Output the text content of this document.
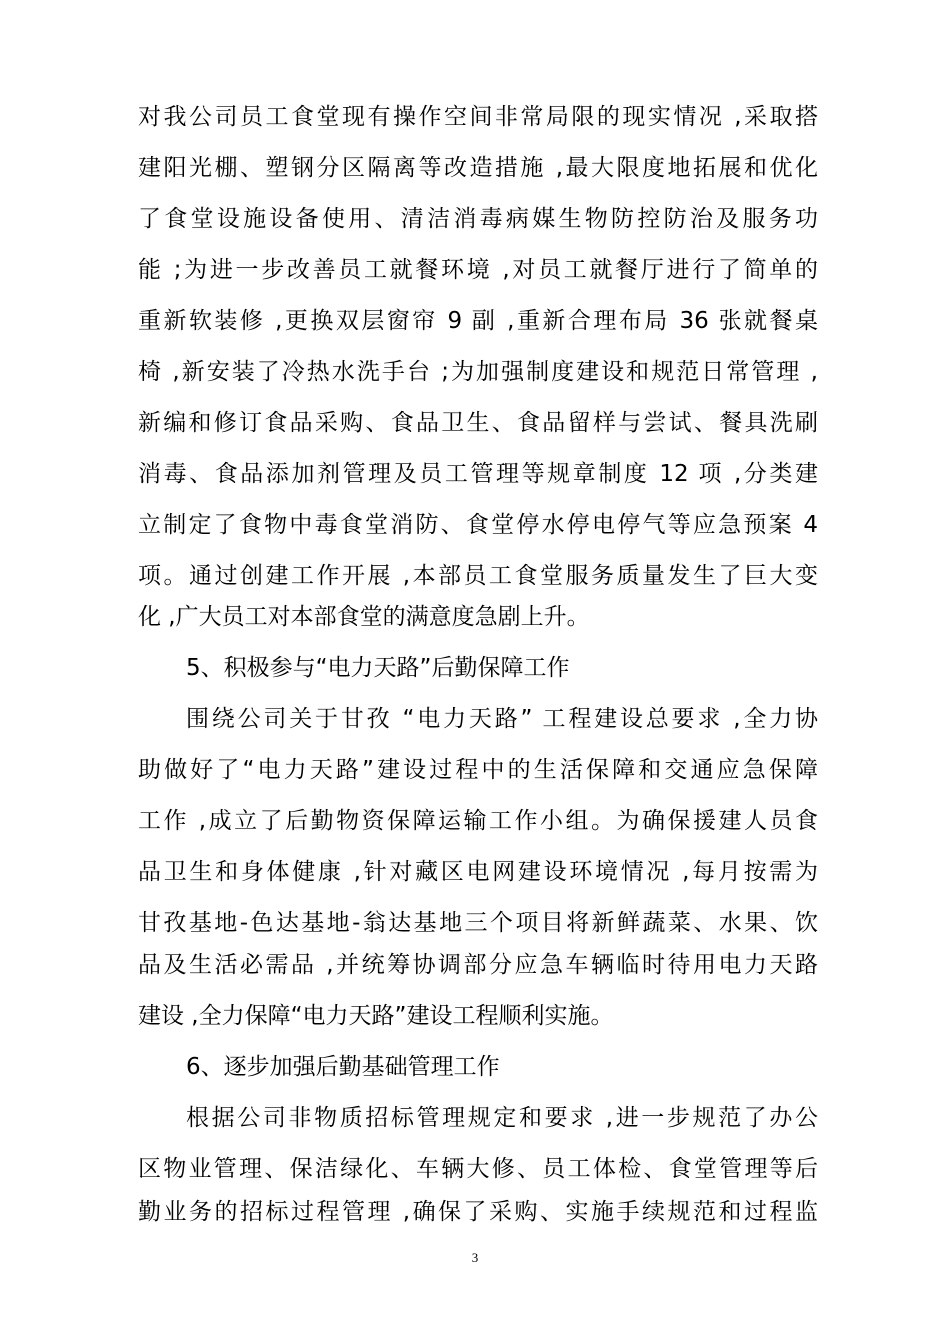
对我公司员工食堂现有操作空间非常局限的现实情况 ,采取搭
建阳光棚、塑钢分区隔离等改造措施 ,最大限度地拓展和优化
了食堂设施设备使用、清洁消毒病媒生物防控防治及服务功
能 ;为进一步改善员工就餐环境 ,对员工就餐厅进行了简单的
重新软装修 ,更换双层窗帘 9 副 ,重新合理布局 36 张就餐桌
椅 ,新安装了冷热水洗手台 ;为加强制度建设和规范日常管理 ,
新编和修订食品采购、食品卫生、食品留样与尝试、餐具洗刷
消毒、食品添加剂管理及员工管理等规章制度 12 项 ,分类建
立制定了食物中毒食堂消防、食堂停水停电停气等应急预案 4
项。通过创建工作开展 ,本部员工食堂服务质量发生了巨大变
化 ,广大员工对本部食堂的满意度急剧上升。
5、积极参与“电力天路”后勤保障工作
围绕公司关于甘孜 “电力天路” 工程建设总要求 ,全力协
助做好了“电力天路”建设过程中的生活保障和交通应急保障
工作 ,成立了后勤物资保障运输工作小组。为确保援建人员食
品卫生和身体健康 ,针对藏区电网建设环境情况 ,每月按需为
甘孜基地-色达基地-翁达基地三个项目将新鲜蔬菜、水果、饮
品及生活必需品 ,并统筹协调部分应急车辆临时待用电力天路
建设 ,全力保障“电力天路”建设工程顺利实施。
6、逐步加强后勤基础管理工作
根据公司非物质招标管理规定和要求 ,进一步规范了办公
区物业管理、保洁绿化、车辆大修、员工体检、食堂管理等后
勤业务的招标过程管理 ,确保了采购、实施手续规范和过程监
3
